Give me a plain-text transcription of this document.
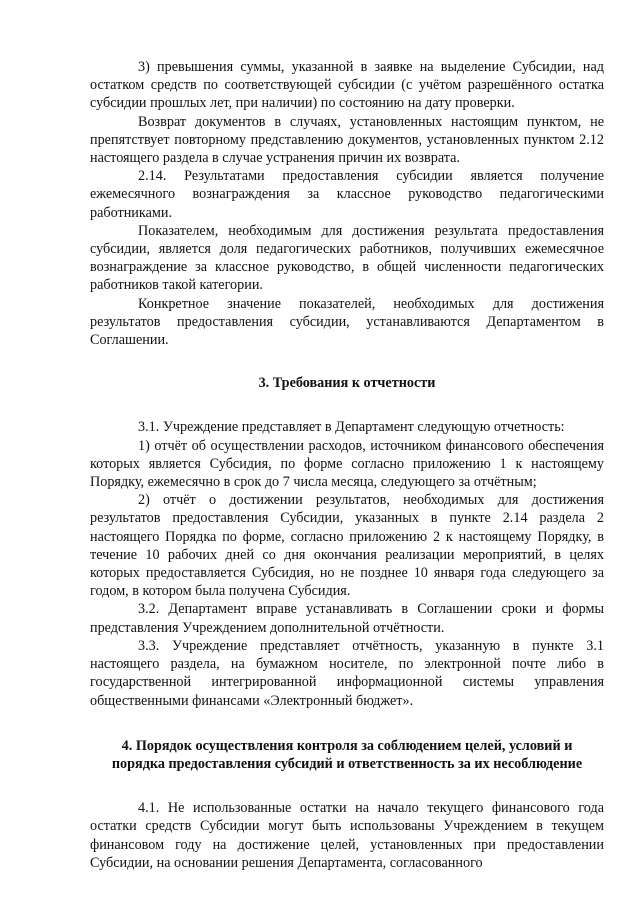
3) превышения суммы, указанной в заявке на выделение Субсидии, над остатком средств по соответствующей субсидии (с учётом разрешённого остатка субсидии прошлых лет, при наличии) по состоянию на дату проверки.

Возврат документов в случаях, установленных настоящим пунктом, не препятствует повторному представлению документов, установленных пунктом 2.12 настоящего раздела в случае устранения причин их возврата.

2.14. Результатами предоставления субсидии является получение ежемесячного вознаграждения за классное руководство педагогическими работниками.

Показателем, необходимым для достижения результата предоставления субсидии, является доля педагогических работников, получивших ежемесячное вознаграждение за классное руководство, в общей численности педагогических работников такой категории.

Конкретное значение показателей, необходимых для достижения результатов предоставления субсидии, устанавливаются Департаментом в Соглашении.

3. Требования к отчетности

3.1. Учреждение представляет в Департамент следующую отчетность:

1) отчёт об осуществлении расходов, источником финансового обеспечения которых является Субсидия, по форме согласно приложению 1 к настоящему Порядку, ежемесячно в срок до 7 числа месяца, следующего за отчётным;

2) отчёт о достижении результатов, необходимых для достижения результатов предоставления Субсидии, указанных в пункте 2.14 раздела 2 настоящего Порядка по форме, согласно приложению 2 к настоящему Порядку, в течение 10 рабочих дней со дня окончания реализации мероприятий, в целях которых предоставляется Субсидия, но не позднее 10 января года следующего за годом, в котором была получена Субсидия.

3.2. Департамент вправе устанавливать в Соглашении сроки и формы представления Учреждением дополнительной отчётности.

3.3. Учреждение представляет отчётность, указанную в пункте 3.1 настоящего раздела, на бумажном носителе, по электронной почте либо в государственной интегрированной информационной системы управления общественными финансами «Электронный бюджет».

4. Порядок осуществления контроля за соблюдением целей, условий и
порядка предоставления субсидий и ответственность за их несоблюдение

4.1. Не использованные остатки на начало текущего финансового года остатки средств Субсидии могут быть использованы Учреждением в текущем финансовом году на достижение целей, установленных при предоставлении Субсидии, на основании решения Департамента, согласованного
